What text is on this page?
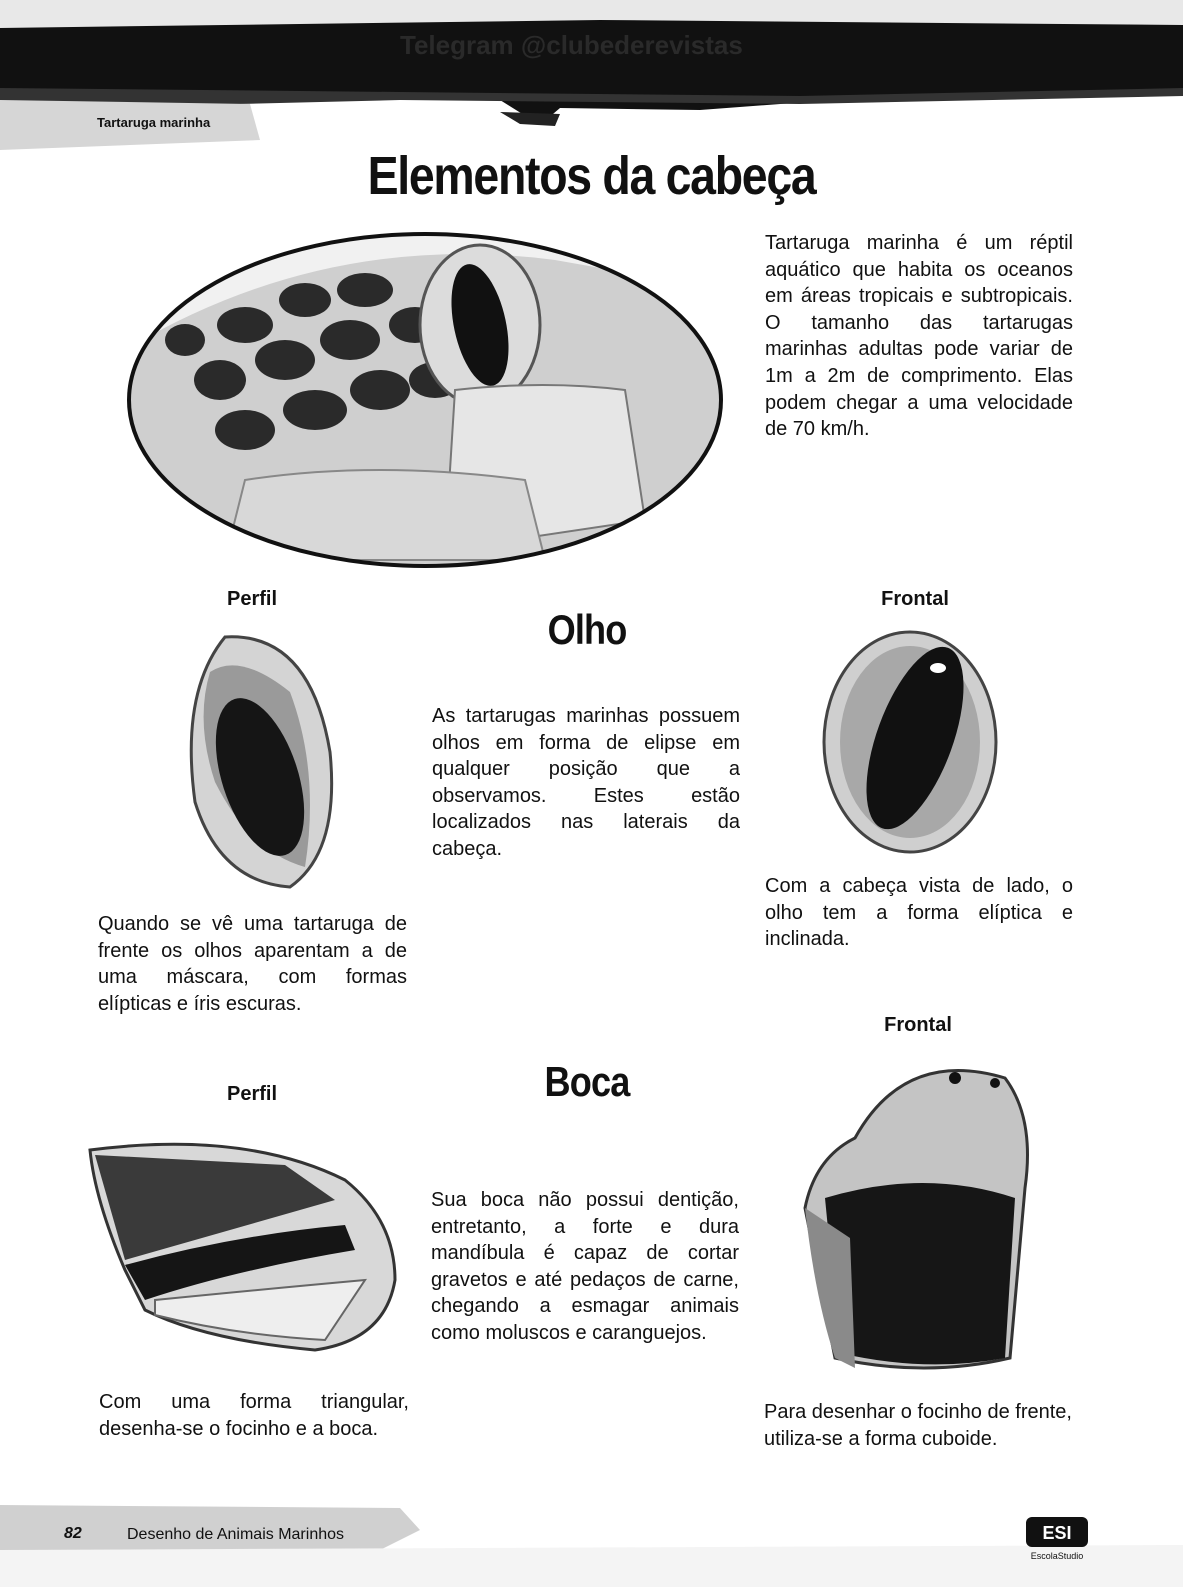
Telegram @clubederevistas
Tartaruga marinha
Elementos da cabeça
Tartaruga marinha é um réptil aquático que habita os oceanos em áreas tropicais e subtropicais. O tamanho das tartarugas marinhas adultas pode variar de 1m a 2m de comprimento. Elas podem chegar a uma velocidade de 70 km/h.
Perfil	Frontal
Olho
As tartarugas marinhas possuem olhos em forma de elipse em qualquer posição que a observamos. Estes estão localizados nas laterais da cabeça.
Quando se vê uma tartaruga de frente os olhos aparentam a de uma máscara, com formas elípticas e íris escuras.
Com a cabeça vista de lado, o olho tem a forma elíptica e inclinada.
Frontal
Perfil	Boca
Sua boca não possui dentição, entretanto, a forte e dura mandíbula é capaz de cortar gravetos e até pedaços de carne, chegando a esmagar animais como moluscos e caranguejos.
Com uma forma triangular, desenha-se o focinho e a boca.
Para desenhar o focinho de frente, utiliza-se a forma cuboide.
82	Desenho de Animais Marinhos	ESI
EscolaStudio
